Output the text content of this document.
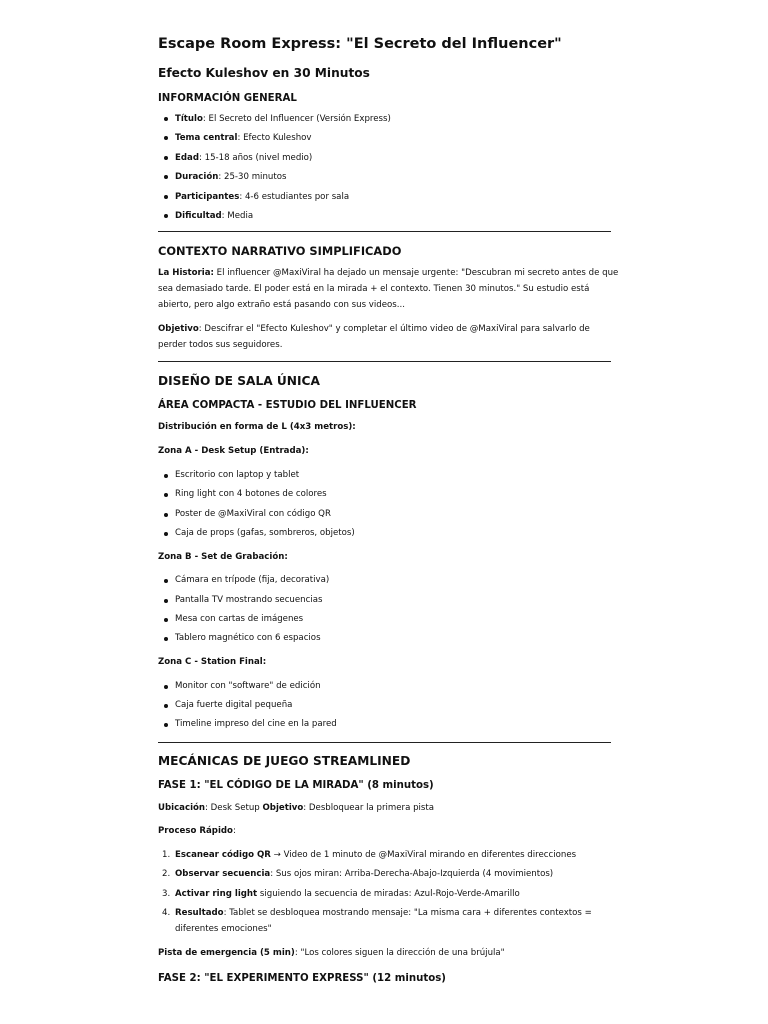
Escape Room Express: "El Secreto del Influencer"
Efecto Kuleshov en 30 Minutos
INFORMACIÓN GENERAL
Título: El Secreto del Influencer (Versión Express)
Tema central: Efecto Kuleshov
Edad: 15-18 años (nivel medio)
Duración: 25-30 minutos
Participantes: 4-6 estudiantes por sala
Dificultad: Media
CONTEXTO NARRATIVO SIMPLIFICADO
La Historia: El influencer @MaxiViral ha dejado un mensaje urgente: "Descubran mi secreto antes de que
sea demasiado tarde. El poder está en la mirada + el contexto. Tienen 30 minutos." Su estudio está
abierto, pero algo extraño está pasando con sus videos...
Objetivo: Descifrar el "Efecto Kuleshov" y completar el último video de @MaxiViral para salvarlo de
perder todos sus seguidores.
DISEÑO DE SALA ÚNICA
ÁREA COMPACTA - ESTUDIO DEL INFLUENCER
Distribución en forma de L (4x3 metros):
Zona A - Desk Setup (Entrada):
Escritorio con laptop y tablet
Ring light con 4 botones de colores
Poster de @MaxiViral con código QR
Caja de props (gafas, sombreros, objetos)
Zona B - Set de Grabación:
Cámara en trípode (fija, decorativa)
Pantalla TV mostrando secuencias
Mesa con cartas de imágenes
Tablero magnético con 6 espacios
Zona C - Station Final:
Monitor con "software" de edición
Caja fuerte digital pequeña
Timeline impreso del cine en la pared
MECÁNICAS DE JUEGO STREAMLINED
FASE 1: "EL CÓDIGO DE LA MIRADA" (8 minutos)
Ubicación: Desk Setup Objetivo: Desbloquear la primera pista
Proceso Rápido:
1. Escanear código QR → Video de 1 minuto de @MaxiViral mirando en diferentes direcciones
2. Observar secuencia: Sus ojos miran: Arriba-Derecha-Abajo-Izquierda (4 movimientos)
3. Activar ring light siguiendo la secuencia de miradas: Azul-Rojo-Verde-Amarillo
4. Resultado: Tablet se desbloquea mostrando mensaje: "La misma cara + diferentes contextos =
diferentes emociones"
Pista de emergencia (5 min): "Los colores siguen la dirección de una brújula"
FASE 2: "EL EXPERIMENTO EXPRESS" (12 minutos)
